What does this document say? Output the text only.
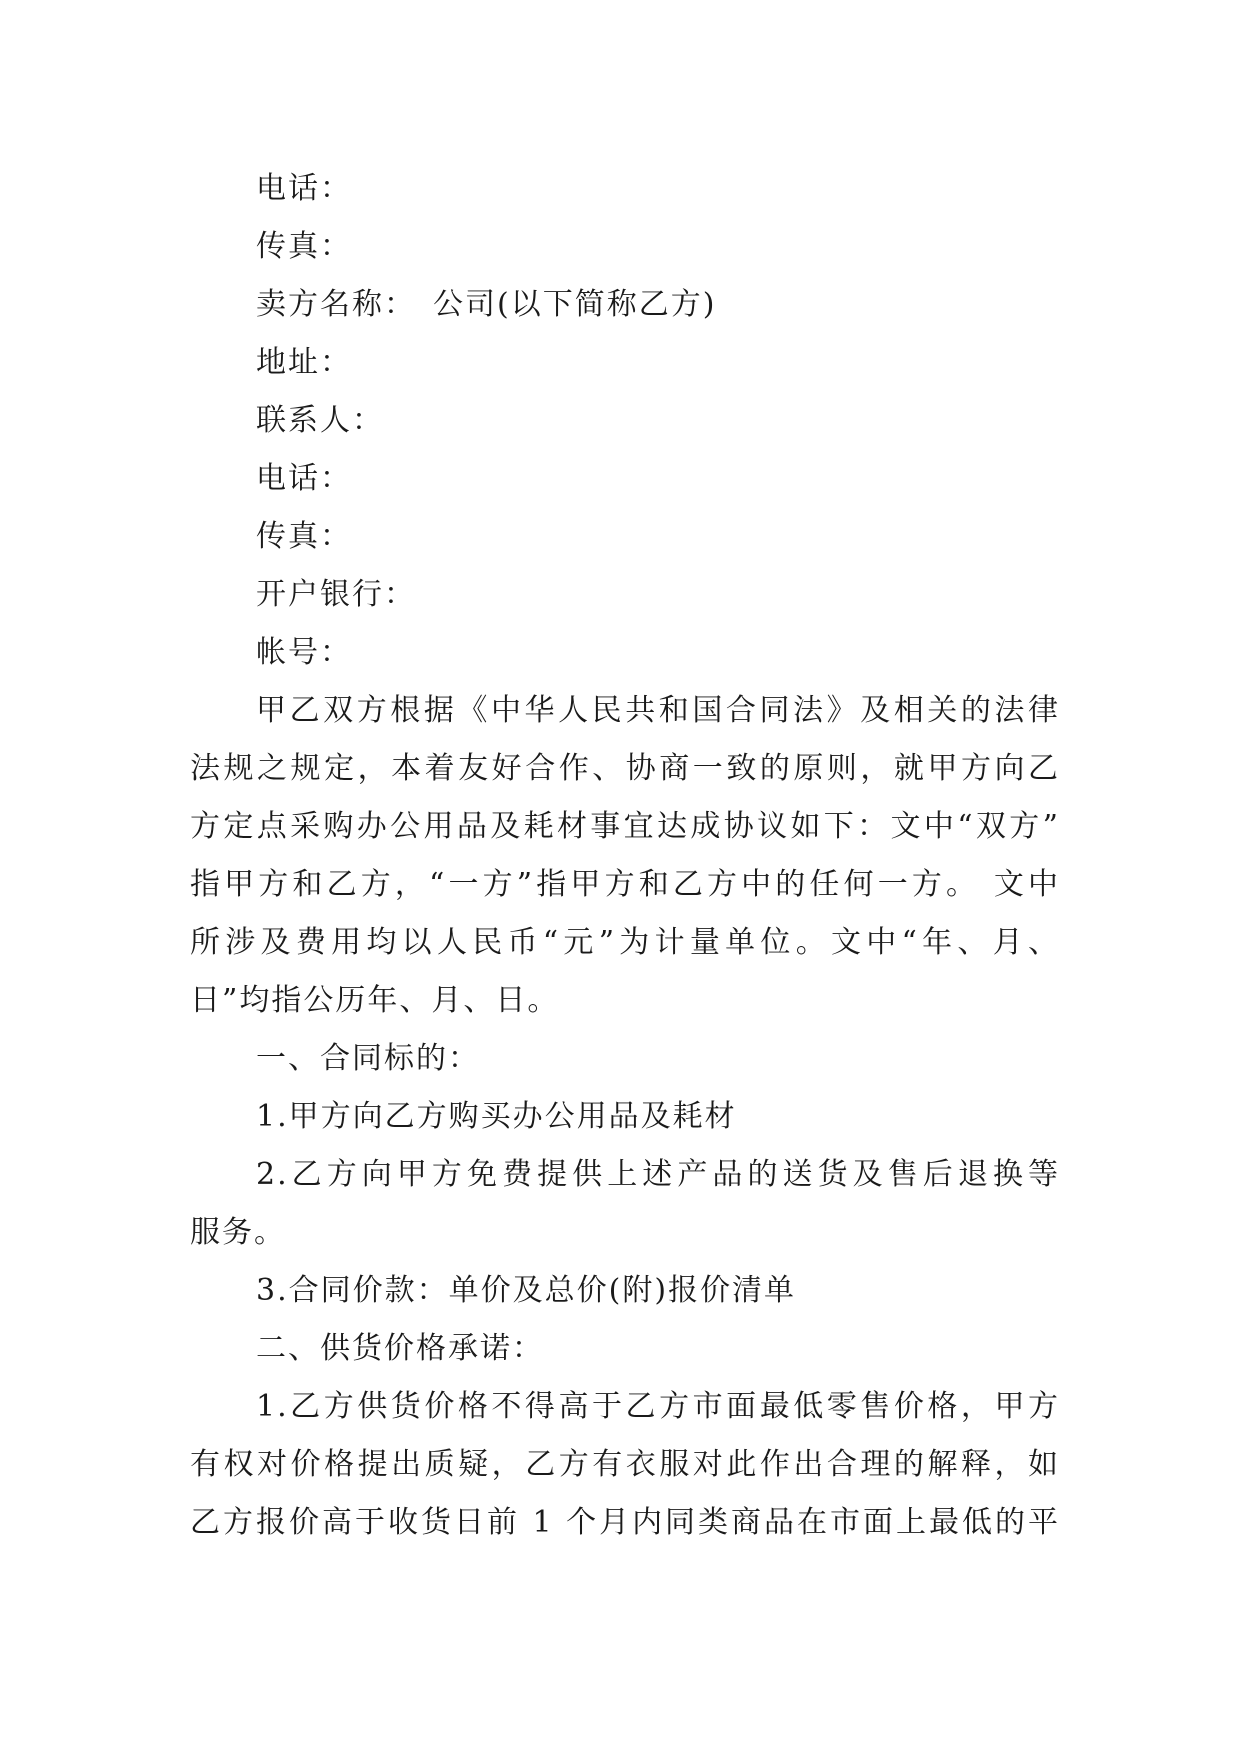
电话：
传真：
卖方名称：　公司(以下简称乙方)
地址：
联系人：
电话：
传真：
开户银行：
帐号：
甲乙双方根据《中华人民共和国合同法》及相关的法律
法规之规定，本着友好合作、协商一致的原则，就甲方向乙
方定点采购办公用品及耗材事宜达成协议如下：文中“双方”
指甲方和乙方，“一方”指甲方和乙方中的任何一方。 文中
所涉及费用均以人民币“元”为计量单位。文中“年、月、
日”均指公历年、月、日。
一、合同标的：
1.甲方向乙方购买办公用品及耗材
2.乙方向甲方免费提供上述产品的送货及售后退换等
服务。
3.合同价款：单价及总价(附)报价清单
二、供货价格承诺：
1.乙方供货价格不得高于乙方市面最低零售价格，甲方
有权对价格提出质疑，乙方有衣服对此作出合理的解释，如
乙方报价高于收货日前 1 个月内同类商品在市面上最低的平
